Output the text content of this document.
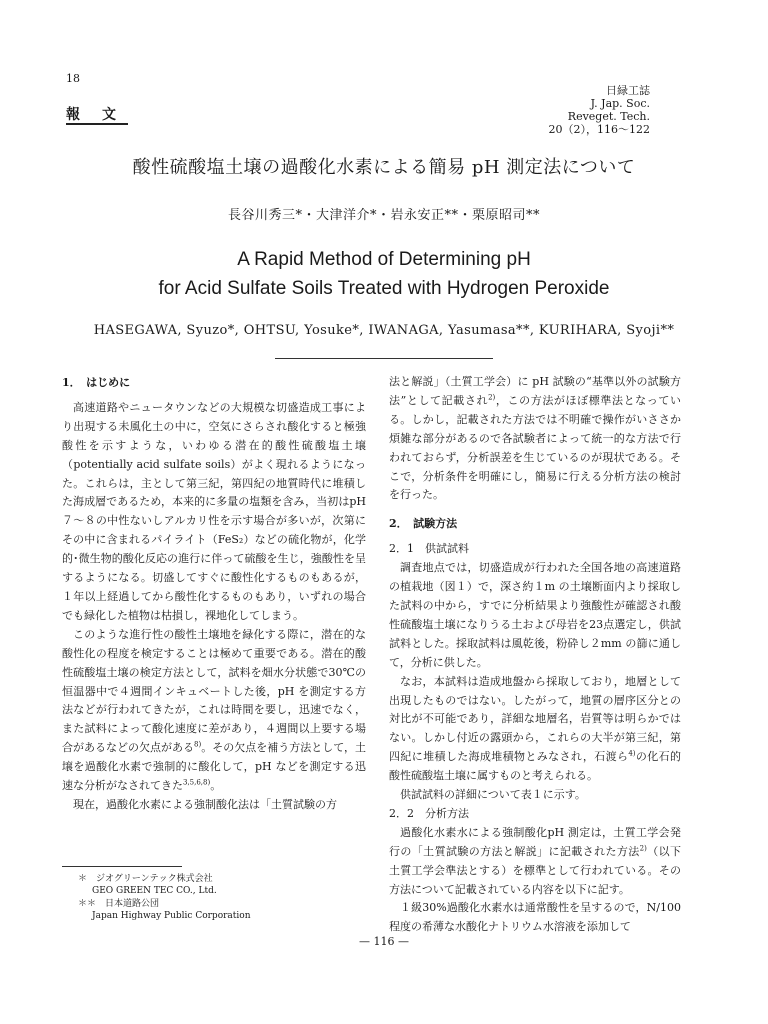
18
日緑工誌
J. Jap. Soc.
Reveget. Tech.
20（2），116〜122
報文
酸性硫酸塩土壌の過酸化水素による簡易 pH 測定法について
長谷川秀三*・大津洋介*・岩永安正**・栗原昭司**
A Rapid Method of Determining pH
for Acid Sulfate Soils Treated with Hydrogen Peroxide
HASEGAWA, Syuzo*, OHTSU, Yosuke*, IWANAGA, Yasumasa**, KURIHARA, Syoji**

1．　はじめに

高速道路やニュータウンなどの大規模な切盛造成工事により出現する未風化土の中に，空気にさらされ酸化すると極強酸性を示すような，いわゆる潜在的酸性硫酸塩土壌（potentially acid sulfate soils）がよく現れるようになった。これらは，主として第三紀，第四紀の地質時代に堆積した海成層であるため，本来的に多量の塩類を含み，当初はpH７〜８の中性ないしアルカリ性を示す場合が多いが，次第にその中に含まれるパイライト（FeS₂）などの硫化物が，化学的･微生物的酸化反応の進行に伴って硫酸を生じ，強酸性を呈するようになる。切盛してすぐに酸性化するものもあるが，１年以上経過してから酸性化するものもあり，いずれの場合でも緑化した植物は枯損し，裸地化してしまう。

このような進行性の酸性土壌地を緑化する際に，潜在的な酸性化の程度を検定することは極めて重要である。潜在的酸性硫酸塩土壌の検定方法として，試料を畑水分状態で30℃の恒温器中で４週間インキュベートした後，pH を測定する方法などが行われてきたが，これは時間を要し，迅速でなく，また試料によって酸化速度に差があり，４週間以上要する場合があるなどの欠点がある$^{8)}$。その欠点を補う方法として，土壌を過酸化水素で強制的に酸化して，pH などを測定する迅速な分析がなされてきた$^{3,5,6,8)}$。

現在，過酸化水素による強制酸化法は「土質試験の方

法と解説」（土質工学会）に pH 試験の“基準以外の試験方法”として記載され$^{2)}$，この方法がほぼ標準法となっている。しかし，記載された方法では不明確で操作がいささか煩雑な部分があるので各試験者によって統一的な方法で行われておらず，分析誤差を生じているのが現状である。そこで，分析条件を明確にし，簡易に行える分析方法の検討を行った。

2．　試験方法

2．1　供試試料

調査地点では，切盛造成が行われた全国各地の高速道路の植栽地（図１）で，深さ約１m の土壌断面内より採取した試料の中から，すでに分析結果より強酸性が確認され酸性硫酸塩土壌になりうる土および母岩を23点選定し，供試試料とした。採取試料は風乾後，粉砕し２mm の篩に通して，分析に供した。

なお，本試料は造成地盤から採取しており，地層として出現したものではない。したがって，地質の層序区分との対比が不可能であり，詳細な地層名，岩質等は明らかではない。しかし付近の露頭から，これらの大半が第三紀，第四紀に堆積した海成堆積物とみなされ，石渡ら$^{4)}$の化石的酸性硫酸塩土壌に属すものと考えられる。

供試試料の詳細について表１に示す。

2．2　分析方法

過酸化水素水による強制酸化pH 測定は，土質工学会発行の「土質試験の方法と解説」に記載された方法$^{2)}$（以下土質工学会準法とする）を標準として行われている。その方法について記載されている内容を以下に記す。

１級30%過酸化水素水は通常酸性を呈するので，N/100程度の希薄な水酸化ナトリウム水溶液を添加して

＊　 ジオグリーンテック株式会社

GEO GREEN TEC CO., Ltd.

＊＊　 日本道路公団

Japan Highway Public Corporation

— 116 —
